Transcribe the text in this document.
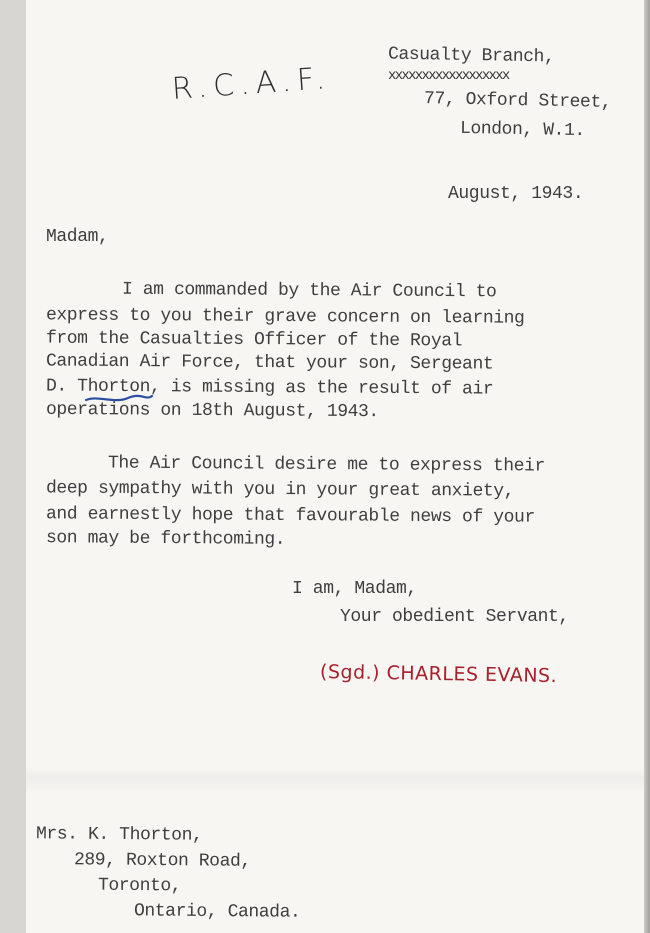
R.C.A.F.
Casualty Branch,
xxxxxxxxxxxxxxxxxx
77, Oxford Street,
London, W.1.
August, 1943.
Madam,
I am commanded by the Air Council to
express to you their grave concern on learning
from the Casualties Officer of the Royal
Canadian Air Force, that your son, Sergeant
D. Thorton, is missing as the result of air
operations on 18th August, 1943.
The Air Council desire me to express their
deep sympathy with you in your great anxiety,
and earnestly hope that favourable news of your
son may be forthcoming.
I am, Madam,
Your obedient Servant,
(Sgd.) CHARLES EVANS.
Mrs. K. Thorton,
289, Roxton Road,
Toronto,
Ontario, Canada.
